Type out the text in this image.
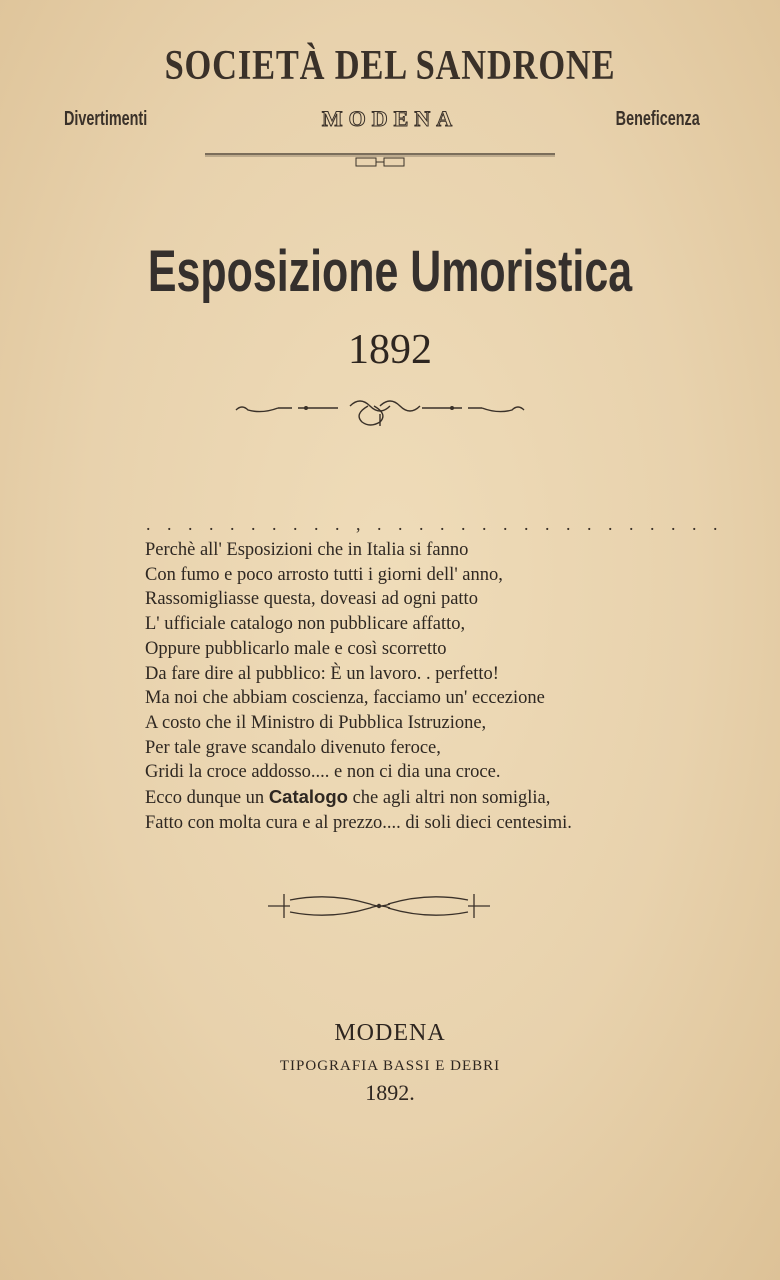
SOCIETÀ DEL SANDRONE
Divertimenti	MODENA	Beneficenza
Esposizione Umoristica
1892
. . . . . . . . . . , . . . . . . . . . . . . . . . . .
Perchè all' Esposizioni che in Italia si fanno
Con fumo e poco arrosto tutti i giorni dell' anno,
Rassomigliasse questa, doveasi ad ogni patto
L' ufficiale catalogo non pubblicare affatto,
Oppure pubblicarlo male e così scorretto
Da fare dire al pubblico: È un lavoro. . perfetto!
Ma noi che abbiam coscienza, facciamo un' eccezione
A costo che il Ministro di Pubblica Istruzione,
Per tale grave scandalo divenuto feroce,
Gridi la croce addosso.... e non ci dia una croce.
Ecco dunque un Catalogo che agli altri non somiglia,
Fatto con molta cura e al prezzo.... di soli dieci centesimi.
MODENA
TIPOGRAFIA BASSI E DEBRI
1892.
